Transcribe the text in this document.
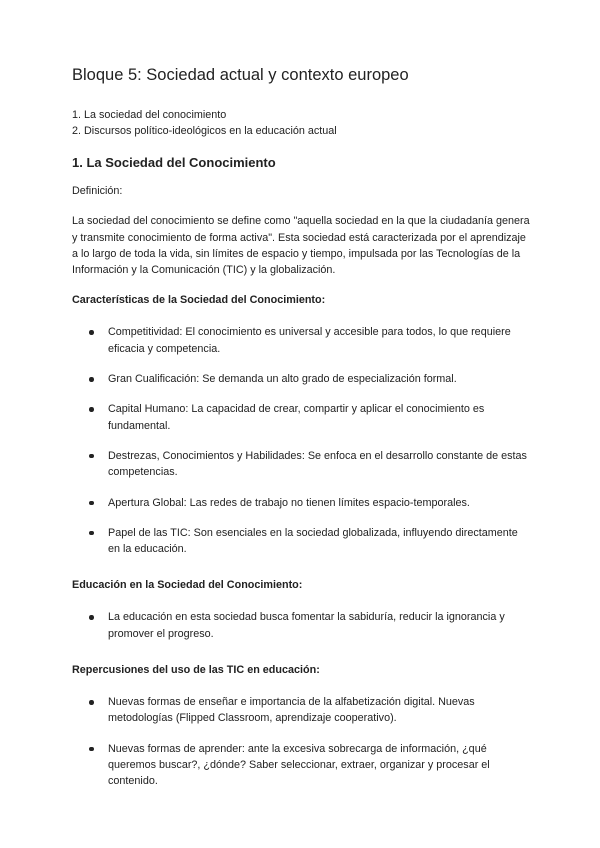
Bloque 5: Sociedad actual y contexto europeo
1. La sociedad del conocimiento
2. Discursos político-ideológicos en la educación actual
1. La Sociedad del Conocimiento

Definición:

La sociedad del conocimiento se define como "aquella sociedad en la que la ciudadanía genera y transmite conocimiento de forma activa". Esta sociedad está caracterizada por el aprendizaje a lo largo de toda la vida, sin límites de espacio y tiempo, impulsada por las Tecnologías de la Información y la Comunicación (TIC) y la globalización.

Características de la Sociedad del Conocimiento:
Competitividad: El conocimiento es universal y accesible para todos, lo que requiere eficacia y competencia.
Gran Cualificación: Se demanda un alto grado de especialización formal.
Capital Humano: La capacidad de crear, compartir y aplicar el conocimiento es fundamental.
Destrezas, Conocimientos y Habilidades: Se enfoca en el desarrollo constante de estas competencias.
Apertura Global: Las redes de trabajo no tienen límites espacio-temporales.
Papel de las TIC: Son esenciales en la sociedad globalizada, influyendo directamente en la educación.
Educación en la Sociedad del Conocimiento:
La educación en esta sociedad busca fomentar la sabiduría, reducir la ignorancia y promover el progreso.
Repercusiones del uso de las TIC en educación:
Nuevas formas de enseñar e importancia de la alfabetización digital. Nuevas metodologías (Flipped Classroom, aprendizaje cooperativo).
Nuevas formas de aprender: ante la excesiva sobrecarga de información, ¿qué queremos buscar?, ¿dónde? Saber seleccionar, extraer, organizar y procesar el contenido.
